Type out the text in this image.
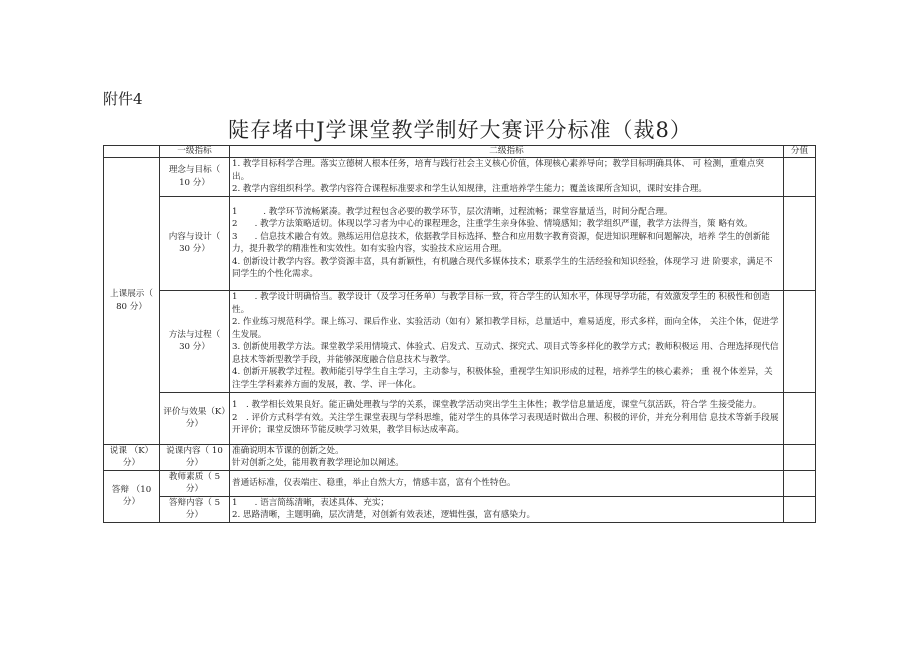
附件4
陡存堵中J学课堂教学制好大赛评分标准（裁8）
	一级指标	二级指标	分值
上课展示（ 80 分）	理念与目标（ 10 分）	1. 教学目标科学合理。落实立德树人根本任务，培育与践行社会主义核心价值，体现核心素养导向；教学目标明确具体、 可 检测，重难点突出。
2. 教学内容组织科学。教学内容符合课程标准要求和学生认知规律，注重培养学生能力；覆盖该课所含知识，课时安排合理。	

	内容与设计（ 30 分）	1　　　. 教学环节流畅紧凑。教学过程包含必要的教学环节，层次清晰，过程流畅；课堂容量适当，时间分配合理。
2　　. 教学方法策略适切。体现以学习者为中心的课程理念，注重学生亲身体验、情境感知；教学组织严谨，教学方法得当，策 略有效。
3　　. 信息技术融合有效。熟练运用信息技术，依据教学目标选择、整合和应用数字教育资源，促进知识理解和问题解决，培养 学生的创新能力，提升教学的精准性和实效性。如有实验内容，实验技术应运用合理。
4. 创新设计教学内容。教学资源丰富，具有新颖性，有机融合现代多媒体技术；联系学生的生活经验和知识经验，体现学习 进 阶要求，满足不同学生的个性化需求。	

	方法与过程（ 30 分）	1　　. 教学设计明确恰当。教学设计（及学习任务单）与教学目标一致，符合学生的认知水平，体现导学功能，有效激发学生的 积极性和创造性。
2. 作业练习规范科学。课上练习、课后作业、实验活动（如有）紧扣教学目标，总量适中，难易适度，形式多样，面向全体， 关注个体，促进学生发展。
3. 创新使用教学方法。课堂教学采用情境式、体验式、启发式、互动式、探究式、项目式等多样化的教学方式；教师积极运 用、合理选择现代信息技术等新型教学手段，并能够深度融合信息技术与教学。
4. 创新开展教学过程。教师能引导学生自主学习，主动参与，积极体验，重视学生知识形成的过程，培养学生的核心素养； 重 视个体差异，关注学生学科素养方面的发展，教、学、评一体化。	

	评价与效果（K）分）	1　. 教学相长效果良好。能正确处理教与学的关系，课堂教学活动突出学生主体性；教学信息量适度，课堂气氛活跃，符合学 生接受能力。
2　. 评价方式科学有效。关注学生课堂表现与学科思维，能对学生的具体学习表现适时做出合理、积极的评价，并充分利用信 息技术等新手段展开评价；课堂反馈环节能反映学习效果，教学目标达成率高。	

说课 （K）分）	说课内容（ 10 分）	准确说明本节课的创新之处。
针对创新之处，能用教育教学理论加以阐述。	

答辩 （10 分）	教师素质（ 5 分）	普通话标准，仪表端庄、稳重，举止自然大方，情感丰富，富有个性特色。	

	答辩内容（ 5 分）	1　　. 语言简练清晰，表述具体、充实；
2. 思路清晰，主题明确，层次清楚，对创新有效表述，逻辑性强，富有感染力。	
